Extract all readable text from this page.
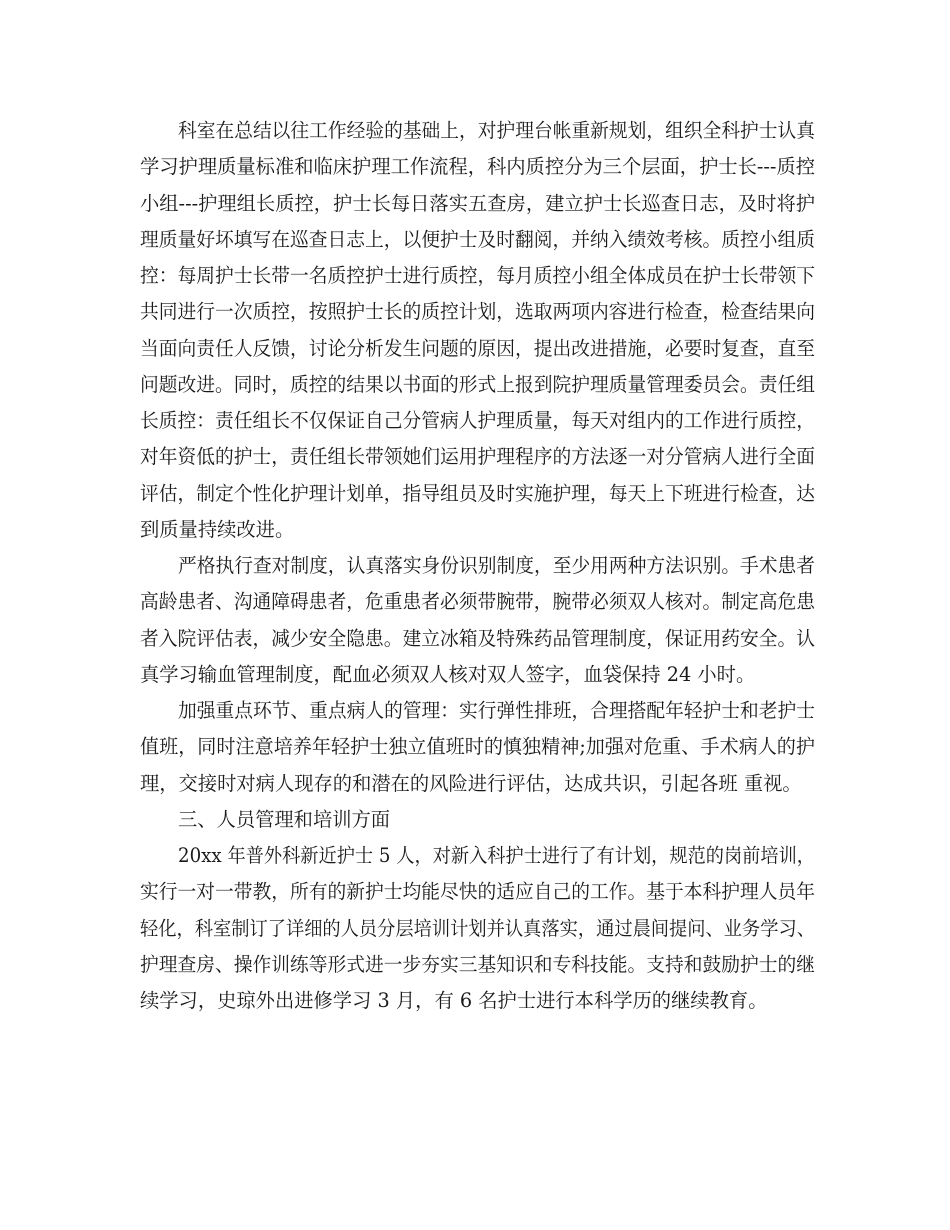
科室在总结以往工作经验的基础上，对护理台帐重新规划，组织全科护士认真
学习护理质量标准和临床护理工作流程，科内质控分为三个层面，护士长---质控
小组---护理组长质控，护士长每日落实五查房，建立护士长巡查日志，及时将护
理质量好坏填写在巡查日志上，以便护士及时翻阅，并纳入绩效考核。质控小组质
控：每周护士长带一名质控护士进行质控，每月质控小组全体成员在护士长带领下
共同进行一次质控，按照护士长的质控计划，选取两项内容进行检查，检查结果向
当面向责任人反馈，讨论分析发生问题的原因，提出改进措施，必要时复查，直至
问题改进。同时，质控的结果以书面的形式上报到院护理质量管理委员会。责任组
长质控：责任组长不仅保证自己分管病人护理质量，每天对组内的工作进行质控，
对年资低的护士，责任组长带领她们运用护理程序的方法逐一对分管病人进行全面
评估，制定个性化护理计划单，指导组员及时实施护理，每天上下班进行检查，达
到质量持续改进。
严格执行查对制度，认真落实身份识别制度，至少用两种方法识别。手术患者
高龄患者、沟通障碍患者，危重患者必须带腕带，腕带必须双人核对。制定高危患
者入院评估表，减少安全隐患。建立冰箱及特殊药品管理制度，保证用药安全。认
真学习输血管理制度，配血必须双人核对双人签字，血袋保持 24 小时。
加强重点环节、重点病人的管理：实行弹性排班，合理搭配年轻护士和老护士
值班，同时注意培养年轻护士独立值班时的慎独精神;加强对危重、手术病人的护
理，交接时对病人现存的和潜在的风险进行评估，达成共识，引起各班 重视。
三、人员管理和培训方面
20xx 年普外科新近护士 5 人，对新入科护士进行了有计划，规范的岗前培训，
实行一对一带教，所有的新护士均能尽快的适应自己的工作。基于本科护理人员年
轻化，科室制订了详细的人员分层培训计划并认真落实，通过晨间提问、业务学习、
护理查房、操作训练等形式进一步夯实三基知识和专科技能。支持和鼓励护士的继
续学习，史琼外出进修学习 3 月，有 6 名护士进行本科学历的继续教育。
